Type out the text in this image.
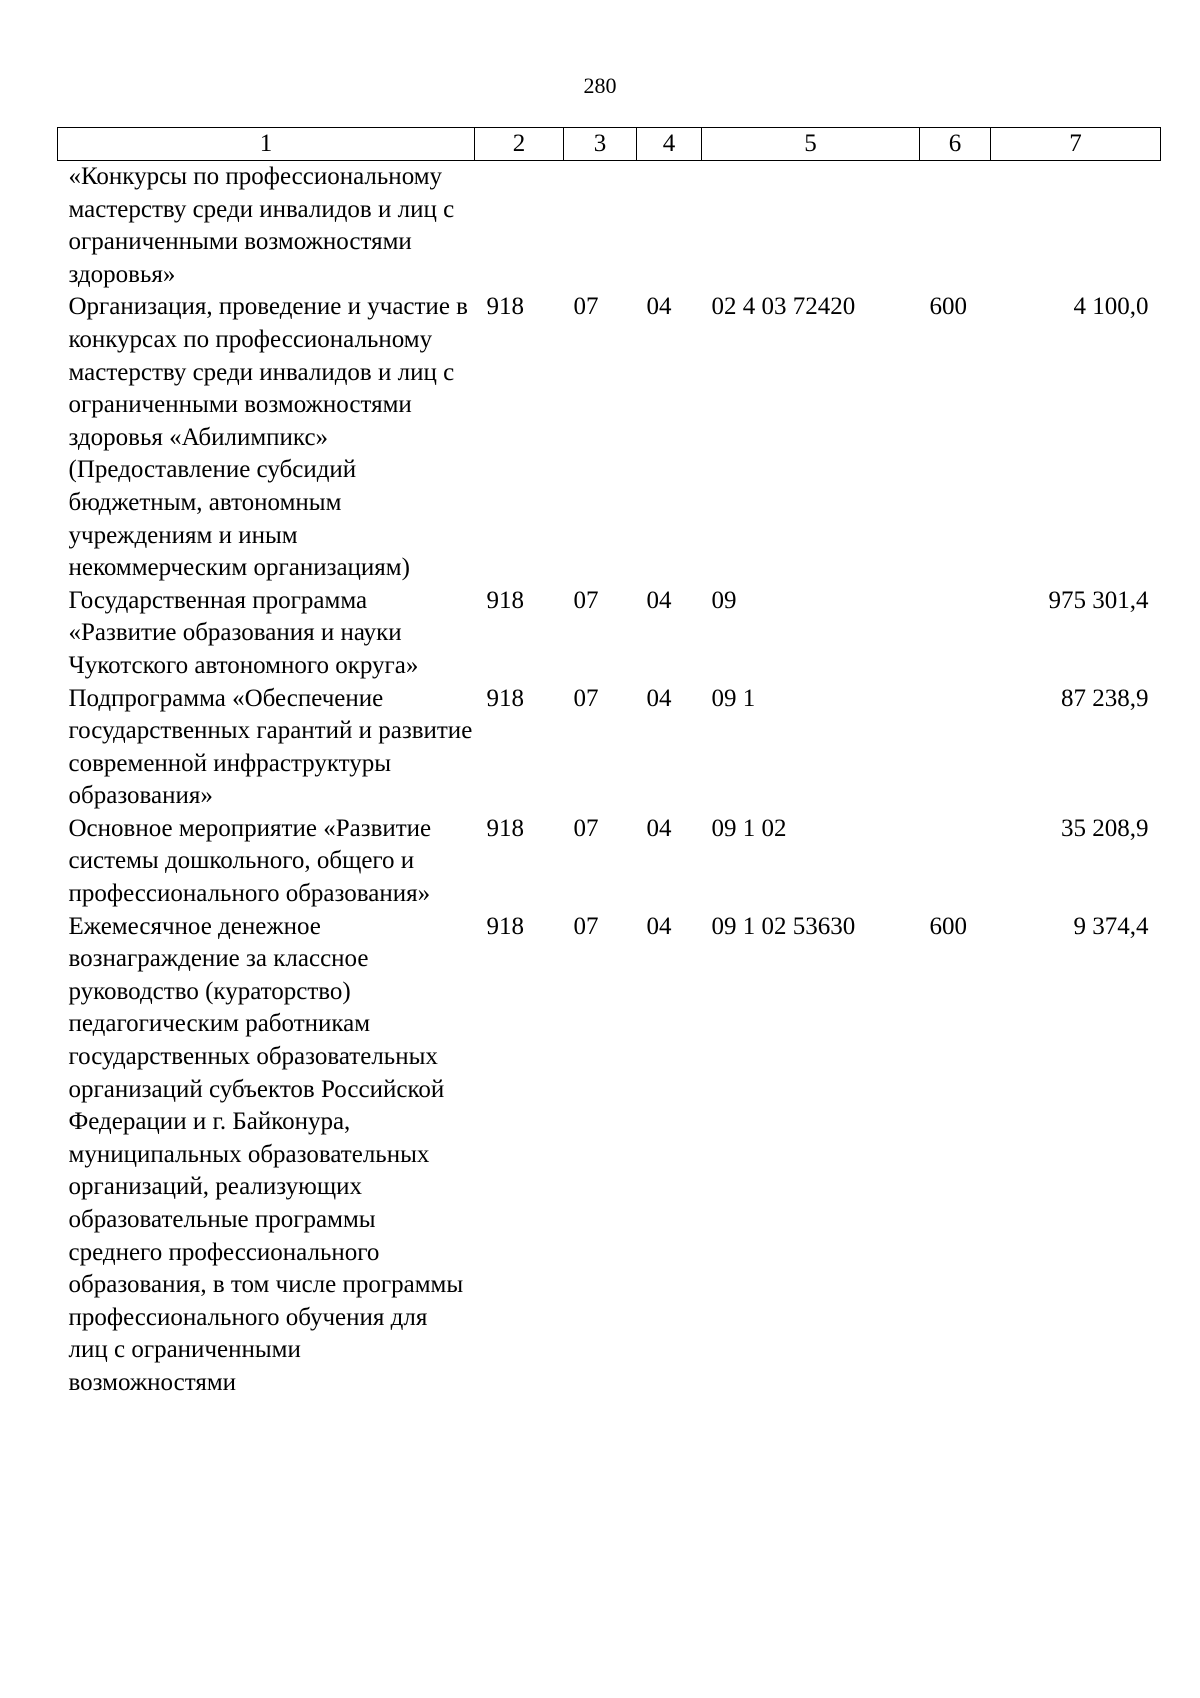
280
1	2	3	4	5	6	7
«Конкурсы по профессиональному мастерству среди инвалидов и лиц с ограниченными возможностями здоровья»						
Организация, проведение и участие в конкурсах по профессиональному мастерству среди инвалидов и лиц с ограниченными возможностями здоровья «Абилимпикс» (Предоставление субсидий бюджетным, автономным учреждениям и иным некоммерческим организациям)	918	07	04	02 4 03 72420	600	4 100,0
Государственная программа «Развитие образования и науки Чукотского автономного округа»	918	07	04	09		975 301,4
Подпрограмма «Обеспечение государственных гарантий и развитие современной инфраструктуры образования»	918	07	04	09 1		87 238,9
Основное мероприятие «Развитие системы дошкольного, общего и профессионального образования»	918	07	04	09 1 02		35 208,9
Ежемесячное денежное вознаграждение за классное руководство (кураторство) педагогическим работникам государственных образовательных организаций субъектов Российской Федерации и г. Байконура, муниципальных образовательных организаций, реализующих образовательные программы среднего профессионального образования, в том числе программы профессионального обучения для лиц с ограниченными возможностями	918	07	04	09 1 02 53630	600	9 374,4
